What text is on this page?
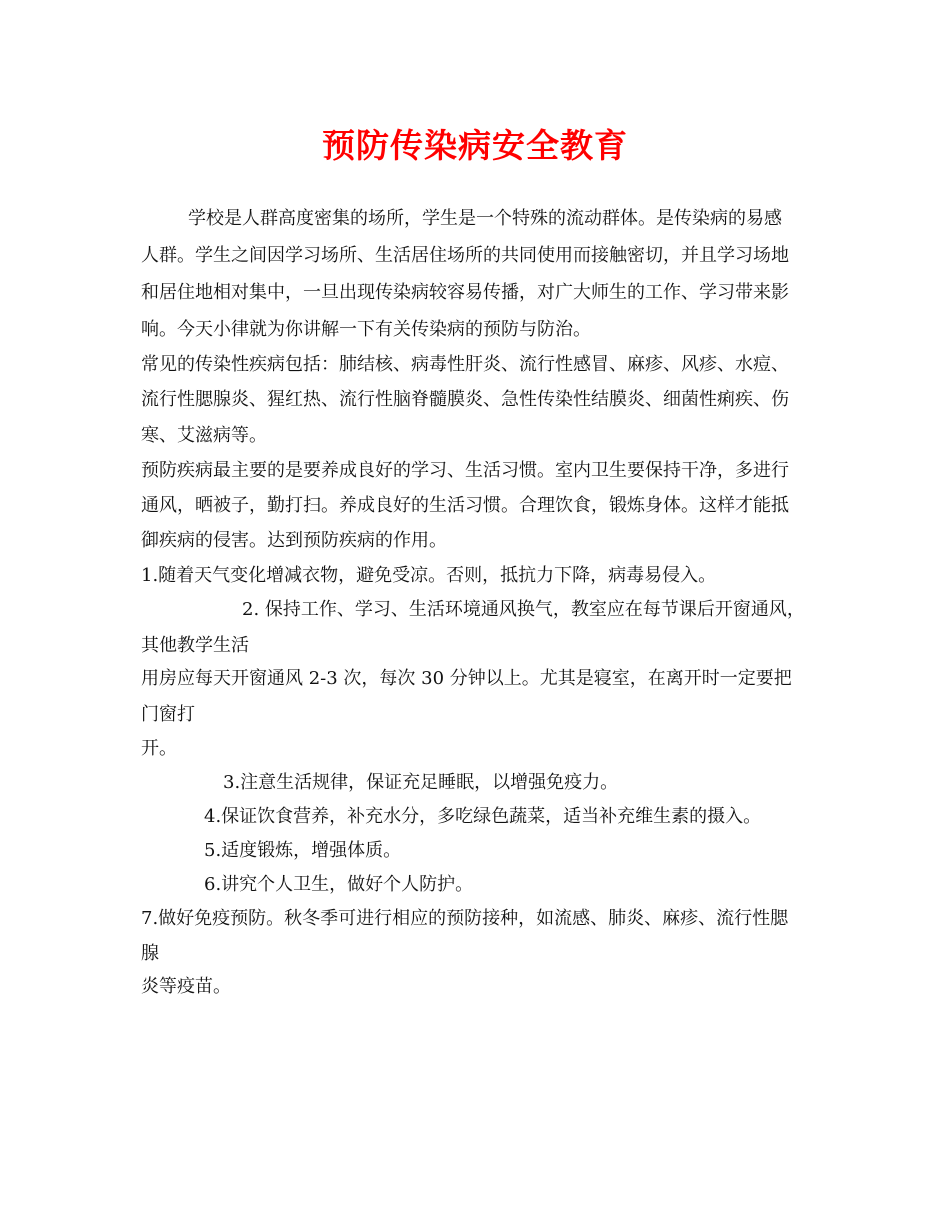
预防传染病安全教育
学校是人群高度密集的场所，学生是一个特殊的流动群体。是传染病的易感
人群。学生之间因学习场所、生活居住场所的共同使用而接触密切，并且学习场地
和居住地相对集中，一旦出现传染病较容易传播，对广大师生的工作、学习带来影
响。今天小律就为你讲解一下有关传染病的预防与防治。
常见的传染性疾病包括：肺结核、病毒性肝炎、流行性感冒、麻疹、风疹、水痘、
流行性腮腺炎、猩红热、流行性脑脊髓膜炎、急性传染性结膜炎、细菌性痢疾、伤
寒、艾滋病等。
预防疾病最主要的是要养成良好的学习、生活习惯。室内卫生要保持干净，多进行
通风，晒被子，勤打扫。养成良好的生活习惯。合理饮食，锻炼身体。这样才能抵
御疾病的侵害。达到预防疾病的作用。
1.随着天气变化增减衣物，避免受凉。否则，抵抗力下降，病毒易侵入。
2. 保持工作、学习、生活环境通风换气，教室应在每节课后开窗通风，
其他教学生活
用房应每天开窗通风 2-3 次，每次 30 分钟以上。尤其是寝室，在离开时一定要把
门窗打
开。
3.注意生活规律，保证充足睡眠，以增强免疫力。
4.保证饮食营养，补充水分，多吃绿色蔬菜，适当补充维生素的摄入。
5.适度锻炼，增强体质。
6.讲究个人卫生，做好个人防护。
7.做好免疫预防。秋冬季可进行相应的预防接种，如流感、肺炎、麻疹、流行性腮
腺
炎等疫苗。
